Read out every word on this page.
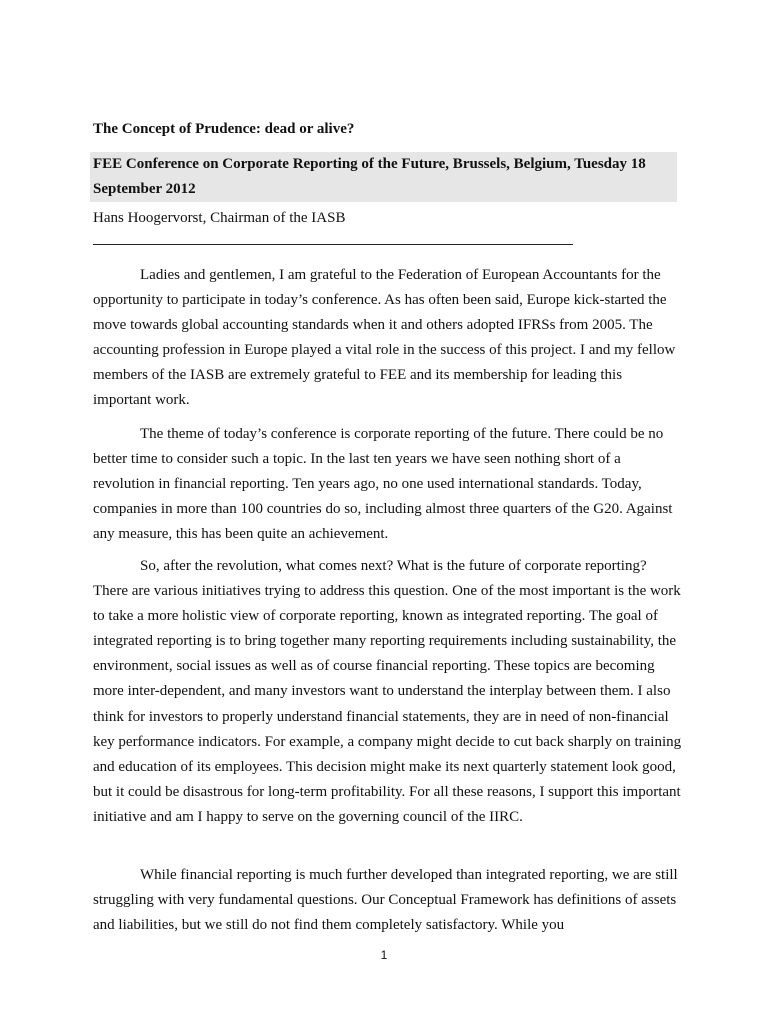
The Concept of Prudence: dead or alive?
FEE Conference on Corporate Reporting of the Future, Brussels, Belgium, Tuesday 18 September 2012
Hans Hoogervorst, Chairman of the IASB

Ladies and gentlemen, I am grateful to the Federation of European Accountants for the opportunity to participate in today’s conference. As has often been said, Europe kick-started the move towards global accounting standards when it and others adopted IFRSs from 2005. The accounting profession in Europe played a vital role in the success of this project. I and my fellow members of the IASB are extremely grateful to FEE and its membership for leading this important work.

The theme of today’s conference is corporate reporting of the future. There could be no better time to consider such a topic. In the last ten years we have seen nothing short of a revolution in financial reporting. Ten years ago, no one used international standards. Today, companies in more than 100 countries do so, including almost three quarters of the G20. Against any measure, this has been quite an achievement.

So, after the revolution, what comes next? What is the future of corporate reporting? There are various initiatives trying to address this question. One of the most important is the work to take a more holistic view of corporate reporting, known as integrated reporting. The goal of integrated reporting is to bring together many reporting requirements including sustainability, the environment, social issues as well as of course financial reporting. These topics are becoming more inter-dependent, and many investors want to understand the interplay between them. I also think for investors to properly understand financial statements, they are in need of non-financial key performance indicators. For example, a company might decide to cut back sharply on training and education of its employees. This decision might make its next quarterly statement look good, but it could be disastrous for long-term profitability. For all these reasons, I support this important initiative and am I happy to serve on the governing council of the IIRC.

While financial reporting is much further developed than integrated reporting, we are still struggling with very fundamental questions. Our Conceptual Framework has definitions of assets and liabilities, but we still do not find them completely satisfactory. While you

1
